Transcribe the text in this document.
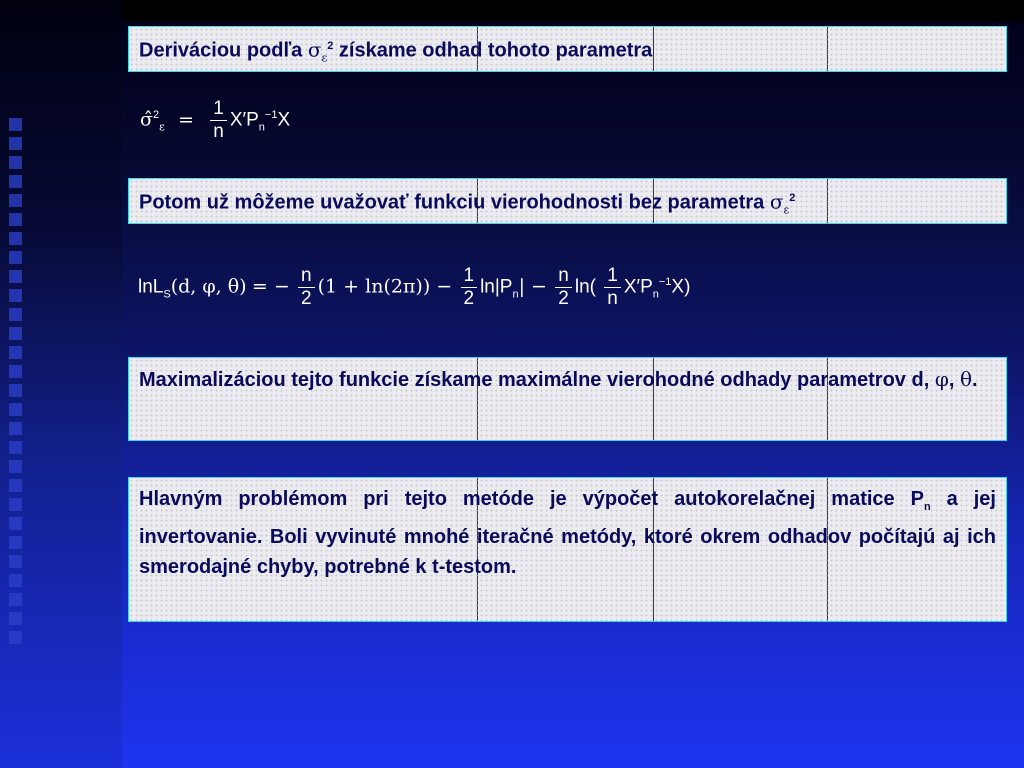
Deriváciou podľa $\sigma_\varepsilon^2$ získame odhad tohoto parametra

σ̂$^2_\varepsilon$ = $\frac{1}{n} X'P_n^{-1}X$

Potom už môžeme uvažovať funkciu vierohodnosti bez parametra $\sigma_\varepsilon^2$

lnL$_S$(d, φ, θ) = − $\frac{n}{2} (1 + \ln(2\pi)) - \frac{1}{2} \ln|P_n| - \frac{n}{2} \ln( \frac{1}{n} X'P_n^{-1}X)$

Maximalizáciou tejto funkcie získame maximálne vierohodné odhady parametrov d, φ, θ.

Hlavným problémom pri tejto metóde je výpočet autokorelačnej matice $P_n$ a jej invertovanie. Boli vyvinuté mnohé iteračné metódy, ktoré okrem odhadov počítajú aj ich smerodajné chyby, potrebné k t-testom.
